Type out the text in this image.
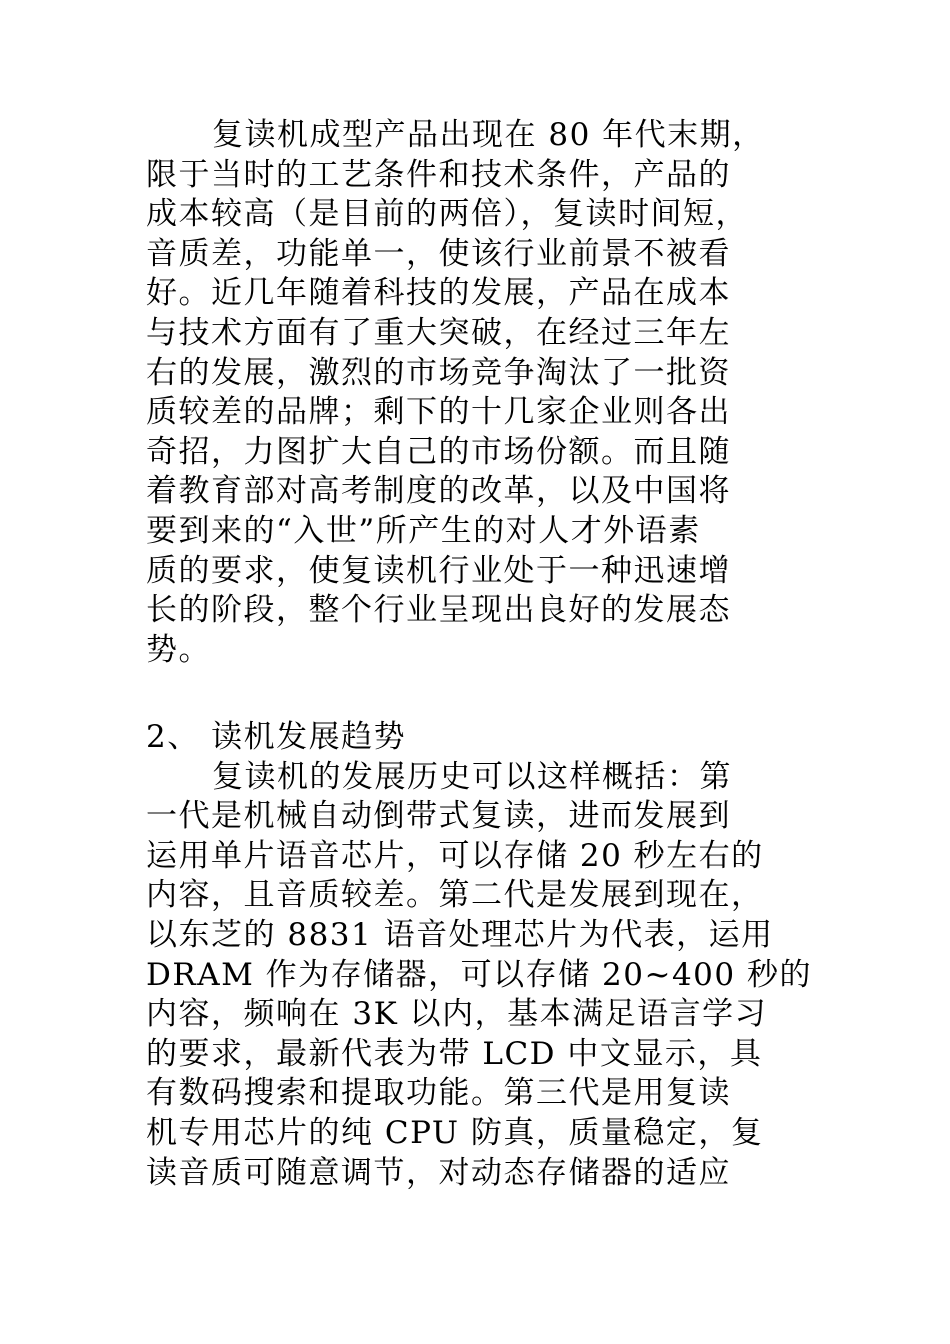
复读机成型产品出现在 80 年代末期，
限于当时的工艺条件和技术条件，产品的
成本较高（是目前的两倍），复读时间短，
音质差，功能单一，使该行业前景不被看
好。近几年随着科技的发展，产品在成本
与技术方面有了重大突破，在经过三年左
右的发展，激烈的市场竞争淘汰了一批资
质较差的品牌；剩下的十几家企业则各出
奇招，力图扩大自己的市场份额。而且随
着教育部对高考制度的改革，以及中国将
要到来的“入世”所产生的对人才外语素
质的要求，使复读机行业处于一种迅速增
长的阶段，整个行业呈现出良好的发展态
势。
2、 读机发展趋势
复读机的发展历史可以这样概括：第
一代是机械自动倒带式复读，进而发展到
运用单片语音芯片，可以存储 20 秒左右的
内容，且音质较差。第二代是发展到现在，
以东芝的 8831 语音处理芯片为代表，运用
DRAM 作为存储器，可以存储 20~400 秒的
内容，频响在 3K 以内，基本满足语言学习
的要求，最新代表为带 LCD 中文显示，具
有数码搜索和提取功能。第三代是用复读
机专用芯片的纯 CPU 防真，质量稳定，复
读音质可随意调节，对动态存储器的适应
